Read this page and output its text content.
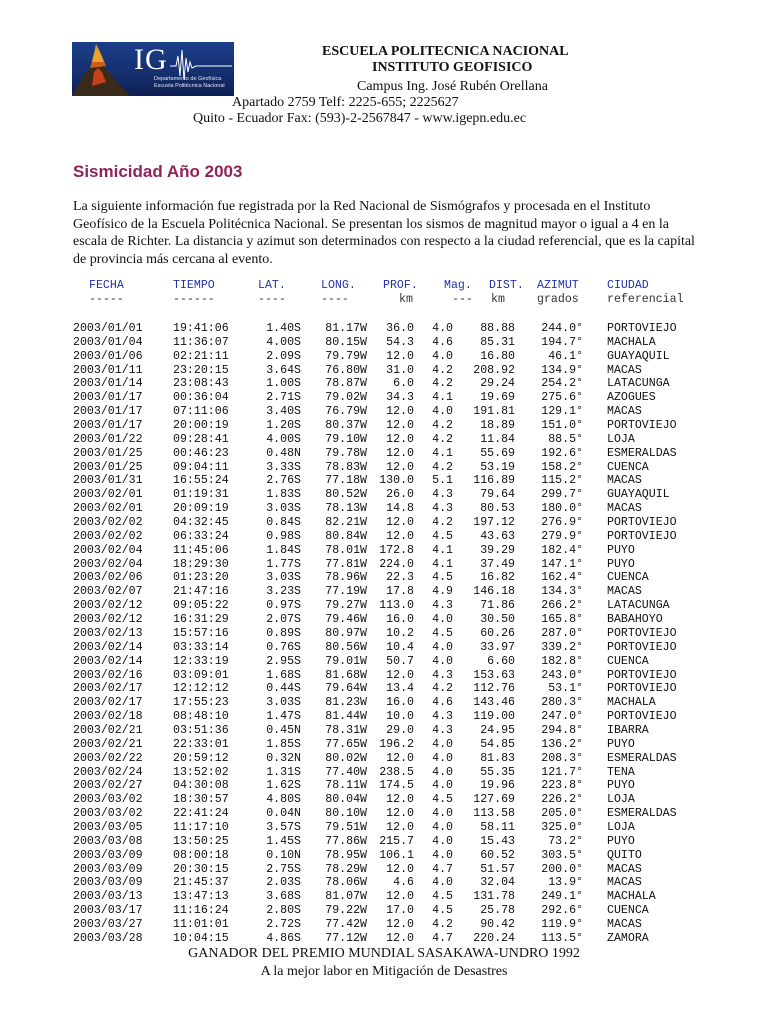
IG
Departamento de Geofísica
Escuela Politécnica Nacional
ESCUELA POLITECNICA NACIONAL
INSTITUTO GEOFISICO
Campus Ing. José Rubén Orellana
Apartado 2759 Telf: 2225-655; 2225627
Quito - Ecuador Fax: (593)-2-2567847 - www.igepn.edu.ec
Sismicidad Año 2003
La siguiente información fue registrada por la Red Nacional de Sismógrafos y procesada en el Instituto Geofísico de la Escuela Politécnica Nacional. Se presentan los sismos de magnitud mayor o igual a 4 en la escala de Richter. La distancia y azimut son determinados con respecto a la ciudad referencial, que es la capital de provincia más cercana al evento.
FECHA	TIEMPO	LAT.	LONG. PROF. Mag. DIST. AZIMUT CIUDAD
-----	------	----	----	km	--- km	grados referencial
2003/01/01	19:41:06	1.40S	81.17W	36.0 4.0	88.88	244.0° PORTOVIEJO
2003/01/04	11:36:07	4.00S	80.15W	54.3 4.6	85.31	194.7° MACHALA
2003/01/06	02:21:11	2.09S	79.79W	12.0 4.0	16.80	46.1° GUAYAQUIL
2003/01/11	23:20:15	3.64S	76.80W	31.0 4.2	208.92	134.9° MACAS
2003/01/14	23:08:43	1.00S	78.87W	6.0 4.2	29.24	254.2° LATACUNGA
2003/01/17	00:36:04	2.71S	79.02W	34.3 4.1	19.69	275.6° AZOGUES
2003/01/17	07:11:06	3.40S	76.79W	12.0 4.0	191.81	129.1° MACAS
2003/01/17	20:00:19	1.20S	80.37W	12.0 4.2	18.89	151.0° PORTOVIEJO
2003/01/22	09:28:41	4.00S	79.10W	12.0 4.2	11.84	88.5° LOJA
2003/01/25	00:46:23	0.48N	79.78W	12.0 4.1	55.69	192.6° ESMERALDAS
2003/01/25	09:04:11	3.33S	78.83W	12.0 4.2	53.19	158.2° CUENCA
2003/01/31	16:55:24	2.76S	77.18W	130.0 5.1	116.89	115.2° MACAS
2003/02/01	01:19:31	1.83S	80.52W	26.0 4.3	79.64	299.7° GUAYAQUIL
2003/02/01	20:09:19	3.03S	78.13W	14.8 4.3	80.53	180.0° MACAS
2003/02/02	04:32:45	0.84S	82.21W	12.0 4.2	197.12	276.9° PORTOVIEJO
2003/02/02	06:33:24	0.98S	80.84W	12.0 4.5	43.63	279.9° PORTOVIEJO
2003/02/04	11:45:06	1.84S	78.01W	172.8 4.1	39.29	182.4° PUYO
2003/02/04	18:29:30	1.77S	77.81W	224.0 4.1	37.49	147.1° PUYO
2003/02/06	01:23:20	3.03S	78.96W	22.3 4.5	16.82	162.4° CUENCA
2003/02/07	21:47:16	3.23S	77.19W	17.8 4.9	146.18	134.3° MACAS
2003/02/12	09:05:22	0.97S	79.27W	113.0 4.3	71.86	266.2° LATACUNGA
2003/02/12	16:31:29	2.07S	79.46W	16.0 4.0	30.50	165.8° BABAHOYO
2003/02/13	15:57:16	0.89S	80.97W	10.2 4.5	60.26	287.0° PORTOVIEJO
2003/02/14	03:33:14	0.76S	80.56W	10.4 4.0	33.97	339.2° PORTOVIEJO
2003/02/14	12:33:19	2.95S	79.01W	50.7 4.0	6.60	182.8° CUENCA
2003/02/16	03:09:01	1.68S	81.68W	12.0 4.3	153.63	243.0° PORTOVIEJO
2003/02/17	12:12:12	0.44S	79.64W	13.4 4.2	112.76	53.1° PORTOVIEJO
2003/02/17	17:55:23	3.03S	81.23W	16.0 4.6	143.46	280.3° MACHALA
2003/02/18	08:48:10	1.47S	81.44W	10.0 4.3	119.00	247.0° PORTOVIEJO
2003/02/21	03:51:36	0.45N	78.31W	29.0 4.3	24.95	294.8° IBARRA
2003/02/21	22:33:01	1.85S	77.65W	196.2 4.0	54.85	136.2° PUYO
2003/02/22	20:59:12	0.32N	80.02W	12.0 4.0	81.83	208.3° ESMERALDAS
2003/02/24	13:52:02	1.31S	77.40W	238.5 4.0	55.35	121.7° TENA
2003/02/27	04:30:08	1.62S	78.11W	174.5 4.0	19.96	223.8° PUYO
2003/03/02	18:30:57	4.80S	80.04W	12.0 4.5	127.69	226.2° LOJA
2003/03/02	22:41:24	0.04N	80.10W	12.0 4.0	113.58	205.0° ESMERALDAS
2003/03/05	11:17:10	3.57S	79.51W	12.0 4.0	58.11	325.0° LOJA
2003/03/08	13:50:25	1.45S	77.86W	215.7 4.0	15.43	73.2° PUYO
2003/03/09	08:00:18	0.10N	78.95W	106.1 4.0	60.52	303.5° QUITO
2003/03/09	20:30:15	2.75S	78.29W	12.0 4.7	51.57	200.0° MACAS
2003/03/09	21:45:37	2.03S	78.06W	4.6 4.0	32.04	13.9° MACAS
2003/03/13	13:47:13	3.68S	81.07W	12.0 4.5	131.78	249.1° MACHALA
2003/03/17	11:16:24	2.80S	79.22W	17.0 4.5	25.78	292.6° CUENCA
2003/03/27	11:01:01	2.72S	77.42W	12.0 4.2	90.42	119.9° MACAS
2003/03/28	10:04:15	4.86S	77.12W	12.0 4.7	220.24	113.5° ZAMORA
GANADOR DEL PREMIO MUNDIAL SASAKAWA-UNDRO 1992
A la mejor labor en Mitigación de Desastres
